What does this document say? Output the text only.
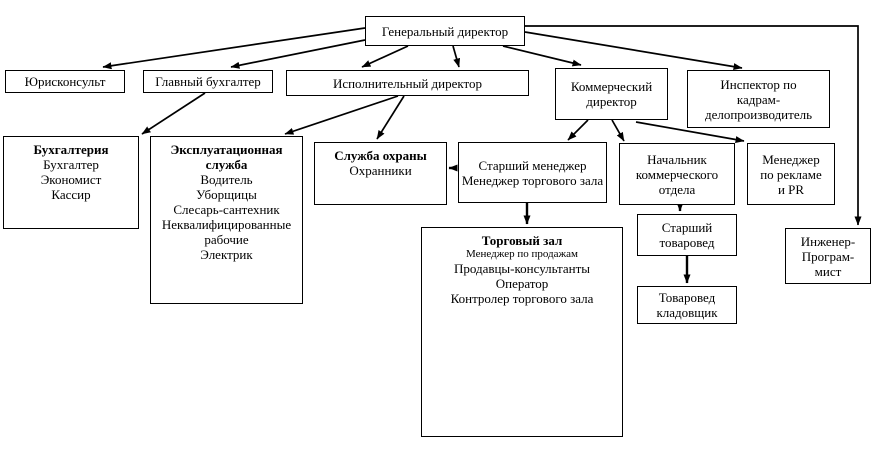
Генеральный директор
Юрисконсульт	Главный бухгалтер	Исполнительный директор	Коммерческий
директор
Инспектор по
кадрам-
делопроизводитель
Бухгалтерия
Бухгалтер
Экономист
Кассир
Эксплуатационная служба
Водитель
Уборщицы
Слесарь-сантехник
Неквалифицированные рабочие
Электрик
Служба охраны
Охранники	Старший менеджер
Менеджер торгового зала
Начальник
коммерческого
отдела
Менеджер
по рекламе
и PR
Торговый зал
Менеджер по продажам
Продавцы-консультанты
Оператор
Контролер торгового зала
Старший
товаровед
Товаровед
кладовщик
Инженер-
Програм-
мист
